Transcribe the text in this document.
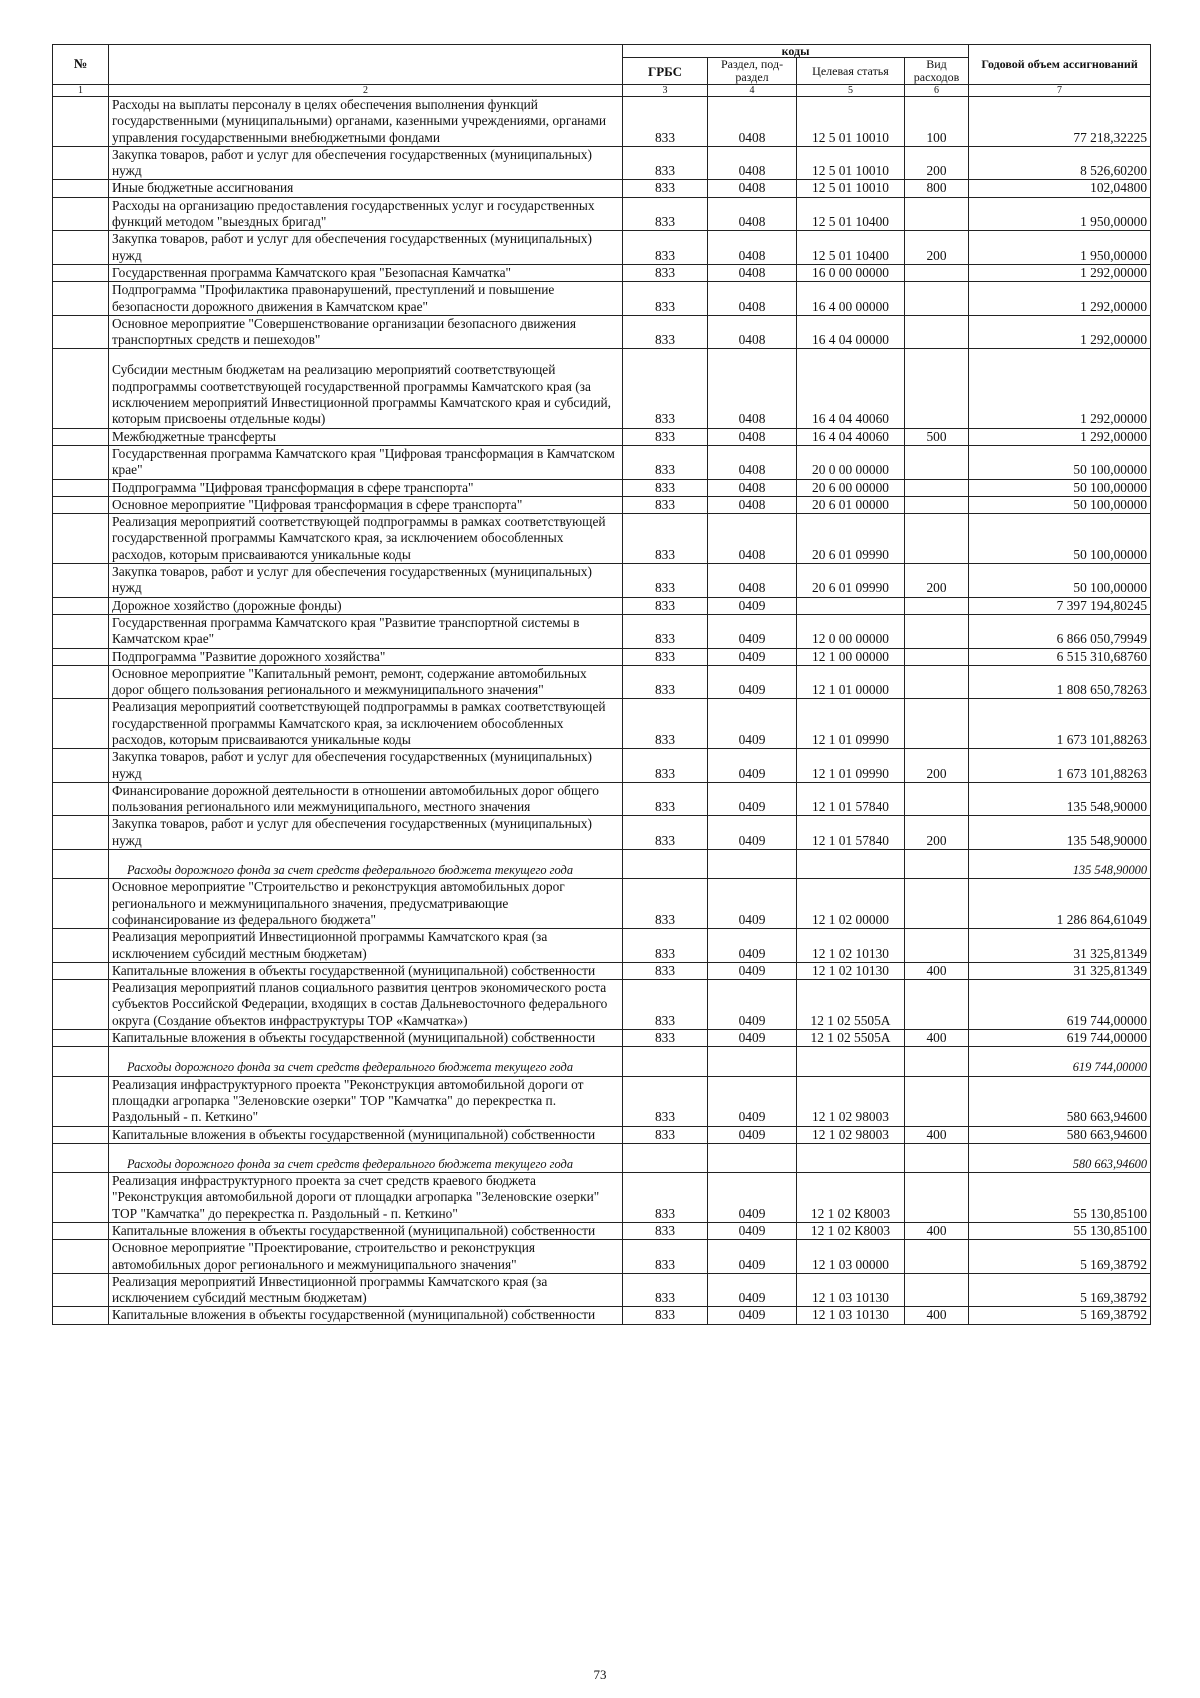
№		коды				Годовой объем ассигнований
		ГРБС	Раздел, под-раздел	Целевая статья	Вид расходов	
1	2	3	4	5	6	7
	Расходы на выплаты персоналу в целях обеспечения выполнения функций государственными (муниципальными) органами, казенными учреждениями, органами управления государственными внебюджетными фондами	833	0408	12 5 01 10010	100	77 218,32225
	Закупка товаров, работ и услуг для обеспечения государственных (муниципальных) нужд	833	0408	12 5 01 10010	200	8 526,60200
	Иные бюджетные ассигнования	833	0408	12 5 01 10010	800	102,04800
	Расходы на организацию предоставления государственных услуг и государственных функций методом "выездных бригад"	833	0408	12 5 01 10400		1 950,00000
	Закупка товаров, работ и услуг для обеспечения государственных (муниципальных) нужд	833	0408	12 5 01 10400	200	1 950,00000
	Государственная программа Камчатского края "Безопасная Камчатка"	833	0408	16 0 00 00000		1 292,00000
	Подпрограмма "Профилактика правонарушений, преступлений и повышение безопасности дорожного движения в Камчатском крае"	833	0408	16 4 00 00000		1 292,00000
	Основное мероприятие "Совершенствование организации безопасного движения транспортных средств и пешеходов"	833	0408	16 4 04 00000		1 292,00000
	Субсидии местным бюджетам на реализацию мероприятий соответствующей подпрограммы соответствующей государственной программы Камчатского края (за исключением мероприятий Инвестиционной программы Камчатского края и субсидий, которым присвоены отдельные коды)	833	0408	16 4 04 40060		1 292,00000
	Межбюджетные трансферты	833	0408	16 4 04 40060	500	1 292,00000
	Государственная программа Камчатского края "Цифровая трансформация в Камчатском крае"	833	0408	20 0 00 00000		50 100,00000
	Подпрограмма "Цифровая трансформация в сфере транспорта"	833	0408	20 6 00 00000		50 100,00000
	Основное мероприятие "Цифровая трансформация в сфере транспорта"	833	0408	20 6 01 00000		50 100,00000
	Реализация мероприятий соответствующей подпрограммы в рамках соответствующей государственной программы Камчатского края, за исключением обособленных расходов, которым присваиваются уникальные коды	833	0408	20 6 01 09990		50 100,00000
	Закупка товаров, работ и услуг для обеспечения государственных (муниципальных) нужд	833	0408	20 6 01 09990	200	50 100,00000
	Дорожное хозяйство (дорожные фонды)	833	0409			7 397 194,80245
	Государственная программа Камчатского края "Развитие транспортной системы в Камчатском крае"	833	0409	12 0 00 00000		6 866 050,79949
	Подпрограмма "Развитие дорожного хозяйства"	833	0409	12 1 00 00000		6 515 310,68760
	Основное мероприятие "Капитальный ремонт, ремонт, содержание автомобильных дорог общего пользования регионального и межмуниципального значения"	833	0409	12 1 01 00000		1 808 650,78263
	Реализация мероприятий соответствующей подпрограммы в рамках соответствующей государственной программы Камчатского края, за исключением обособленных расходов, которым присваиваются уникальные коды	833	0409	12 1 01 09990		1 673 101,88263
	Закупка товаров, работ и услуг для обеспечения государственных (муниципальных) нужд	833	0409	12 1 01 09990	200	1 673 101,88263
	Финансирование дорожной деятельности в отношении автомобильных дорог общего пользования регионального или межмуниципального, местного значения	833	0409	12 1 01 57840		135 548,90000
	Закупка товаров, работ и услуг для обеспечения государственных (муниципальных) нужд	833	0409	12 1 01 57840	200	135 548,90000
	Расходы дорожного фонда за счет средств федерального бюджета текущего года					135 548,90000
	Основное мероприятие "Строительство и реконструкция автомобильных дорог регионального и межмуниципального значения, предусматривающие софинансирование из федерального бюджета"	833	0409	12 1 02 00000		1 286 864,61049
	Реализация мероприятий Инвестиционной программы Камчатского края (за исключением субсидий местным бюджетам)	833	0409	12 1 02 10130		31 325,81349
	Капитальные вложения в объекты государственной (муниципальной) собственности	833	0409	12 1 02 10130	400	31 325,81349
	Реализация мероприятий планов социального развития центров экономического роста субъектов Российской Федерации, входящих в состав Дальневосточного федерального округа (Создание объектов инфраструктуры ТОР «Камчатка»)	833	0409	12 1 02 5505А		619 744,00000
	Капитальные вложения в объекты государственной (муниципальной) собственности	833	0409	12 1 02 5505А	400	619 744,00000
	Расходы дорожного фонда за счет средств федерального бюджета текущего года					619 744,00000
	Реализация инфраструктурного проекта "Реконструкция автомобильной дороги от площадки агропарка "Зеленовские озерки" ТОР "Камчатка" до перекрестка п. Раздольный - п. Кеткино"	833	0409	12 1 02 98003		580 663,94600
	Капитальные вложения в объекты государственной (муниципальной) собственности	833	0409	12 1 02 98003	400	580 663,94600
	Расходы дорожного фонда за счет средств федерального бюджета текущего года					580 663,94600
	Реализация инфраструктурного проекта за счет средств краевого бюджета "Реконструкция автомобильной дороги от площадки агропарка "Зеленовские озерки" ТОР "Камчатка" до перекрестка п. Раздольный - п. Кеткино"	833	0409	12 1 02 К8003		55 130,85100
	Капитальные вложения в объекты государственной (муниципальной) собственности	833	0409	12 1 02 К8003	400	55 130,85100
	Основное мероприятие "Проектирование, строительство и реконструкция автомобильных дорог регионального и межмуниципального значения"	833	0409	12 1 03 00000		5 169,38792
	Реализация мероприятий Инвестиционной программы Камчатского края (за исключением субсидий местным бюджетам)	833	0409	12 1 03 10130		5 169,38792
	Капитальные вложения в объекты государственной (муниципальной) собственности	833	0409	12 1 03 10130	400	5 169,38792
73
